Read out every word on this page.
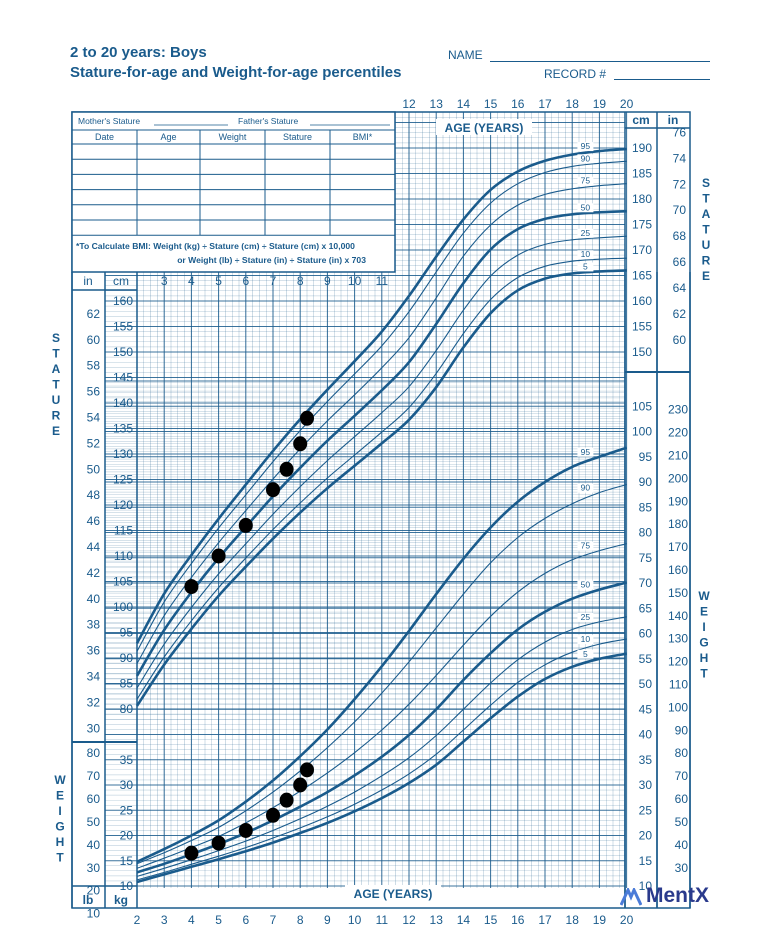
2 to 20 years: Boys
Stature-for-age and Weight-for-age percentiles
NAME
RECORD #
Mother's Stature	Father's Stature
Date	Age	Weight	Stature	BMI*
*To Calculate BMI: Weight (kg) ÷ Stature (cm) ÷ Stature (cm) x 10,000
or Weight (lb) ÷ Stature (in) ÷ Stature (in) x 703
95
90
75
50
25
10
5
95
90
75
50
25
10
5
12 13 14 15 16 17 18 19 20
2 3 4 5 6 7 8 9 10 11 12 13 14 15 16 17 18 19 20
3 4 5 6 7 8 9 10 11
AGE (YEARS)
AGE (YEARS)
in cm
80
85
90
95
100
105
110
115
120
125
130
135
140
145
150
155
160
30
32
34
36
38
40
42
44
46
48
50
52
54
56
58
60
62
cm in
150
155
160
165
170
175
180
185
190
60
62
64
66
68
70
72
74
76
lb kg
10
15
20
25
30
35
10
20
30
40
50
60
70
80
10
15
20
25
30
35
40
45
50
55
60
65
70
75
80
85
90
95
100
105
30
40
50
60
70
80
90
100
110
120
130
140
150
160
170
180
190
200
210
220
230
S
T
A
T
U
R
E
S
T
A
T
U
R
E
W
E
I
G
H
T
W
E
I
G
H
T
MentX
